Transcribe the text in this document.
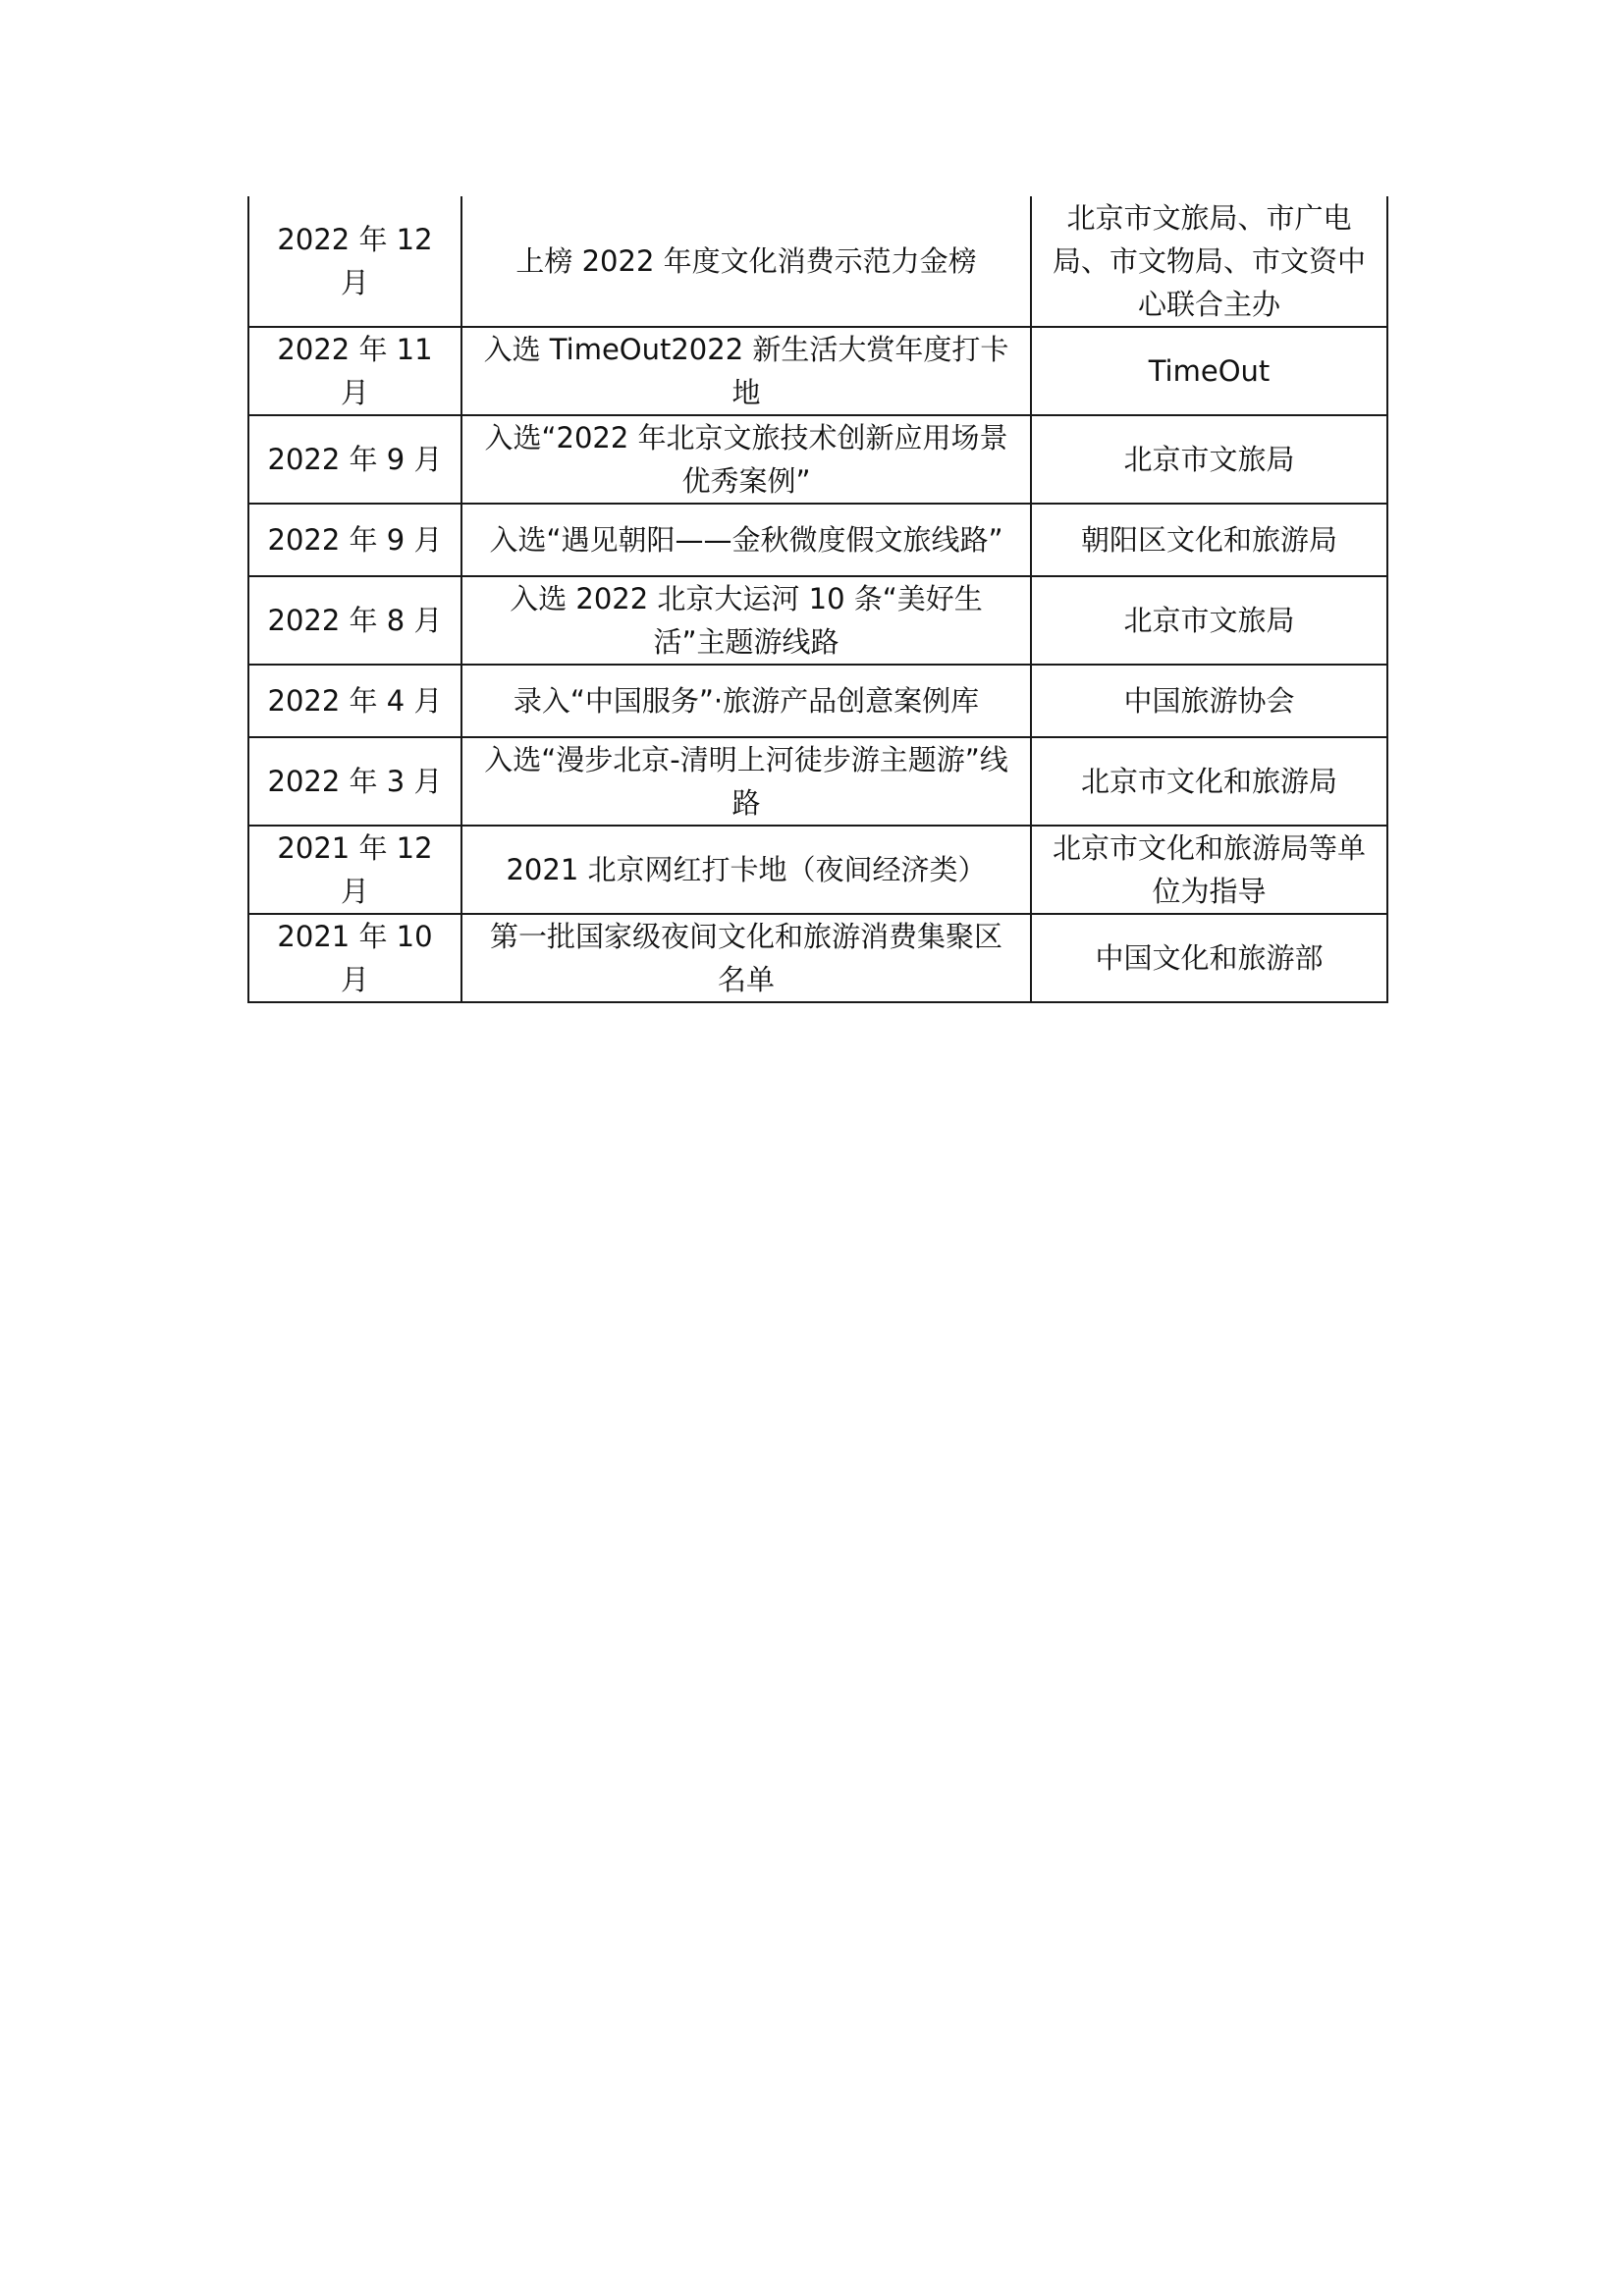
2022 年 12 月	上榜 2022 年度文化消费示范力金榜	北京市文旅局、市广电局、市文物局、市文资中心联合主办
2022 年 11 月	入选 TimeOut2022 新生活大赏年度打卡地	TimeOut
2022 年 9 月	入选“2022 年北京文旅技术创新应用场景优秀案例”	北京市文旅局
2022 年 9 月	入选“遇见朝阳——金秋微度假文旅线路”	朝阳区文化和旅游局
2022 年 8 月	入选 2022 北京大运河 10 条“美好生活”主题游线路	北京市文旅局
2022 年 4 月	录入“中国服务”·旅游产品创意案例库	中国旅游协会
2022 年 3 月	入选“漫步北京-清明上河徒步游主题游”线路	北京市文化和旅游局
2021 年 12 月	2021 北京网红打卡地（夜间经济类）	北京市文化和旅游局等单位为指导
2021 年 10 月	第一批国家级夜间文化和旅游消费集聚区名单	中国文化和旅游部
